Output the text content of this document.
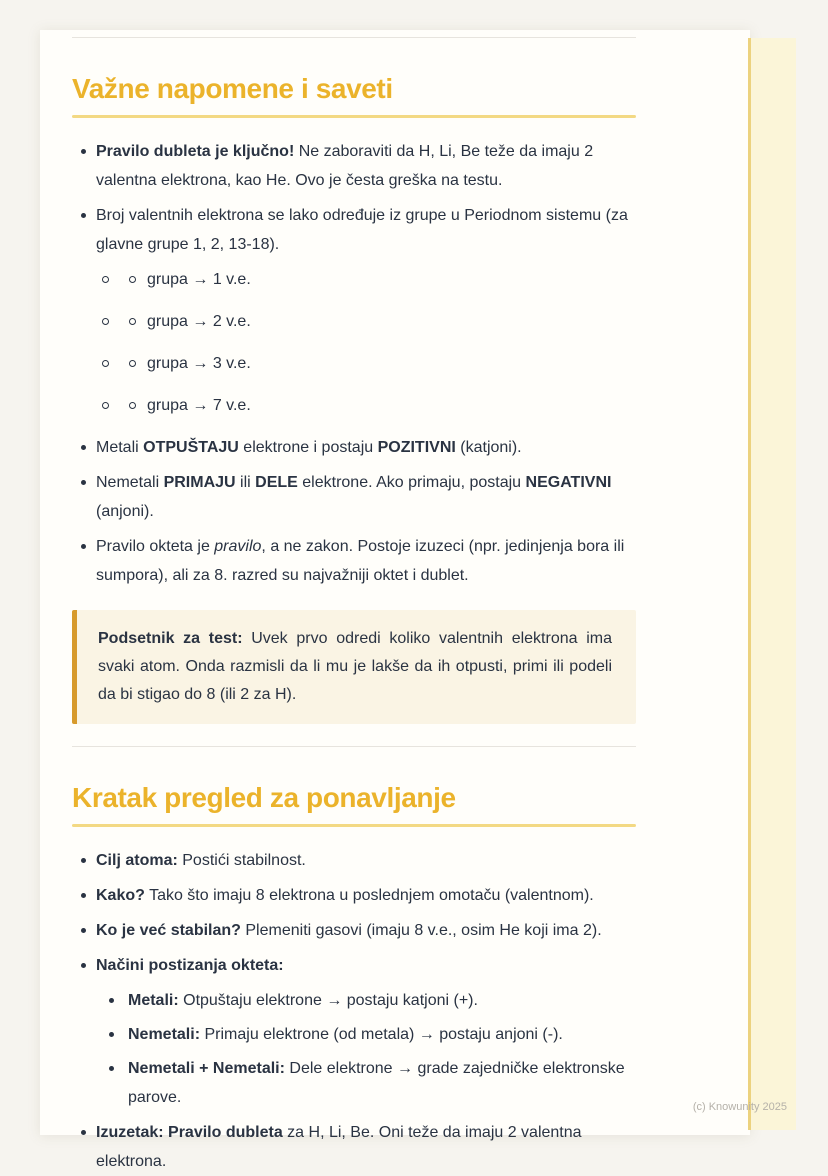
Važne napomene i saveti
Pravilo dubleta je ključno! Ne zaboraviti da H, Li, Be teže da imaju 2 valentna elektrona, kao He. Ovo je česta greška na testu.
Broj valentnih elektrona se lako određuje iz grupe u Periodnom sistemu (za glavne grupe 1, 2, 13-18).
grupa → 1 v.e.
grupa → 2 v.e.
grupa → 3 v.e.
grupa → 7 v.e.
Metali OTPUŠTAJU elektrone i postaju POZITIVNI (katjoni).
Nemetali PRIMAJU ili DELE elektrone. Ako primaju, postaju NEGATIVNI (anjoni).
Pravilo okteta je pravilo, a ne zakon. Postoje izuzeci (npr. jedinjenja bora ili sumpora), ali za 8. razred su najvažniji oktet i dublet.
Podsetnik za test: Uvek prvo odredi koliko valentnih elektrona ima svaki atom. Onda razmisli da li mu je lakše da ih otpusti, primi ili podeli da bi stigao do 8 (ili 2 za H).
Kratak pregled za ponavljanje
Cilj atoma: Postići stabilnost.
Kako? Tako što imaju 8 elektrona u poslednjem omotaču (valentnom).
Ko je već stabilan? Plemeniti gasovi (imaju 8 v.e., osim He koji ima 2).
Načini postizanja okteta:
Metali: Otpuštaju elektrone → postaju katjoni (+).
Nemetali: Primaju elektrone (od metala) → postaju anjoni (-).
Nemetali + Nemetali: Dele elektrone → grade zajedničke elektronske parove.
Izuzetak: Pravilo dubleta za H, Li, Be. Oni teže da imaju 2 valentna elektrona.
(c) Knowunity 2025
